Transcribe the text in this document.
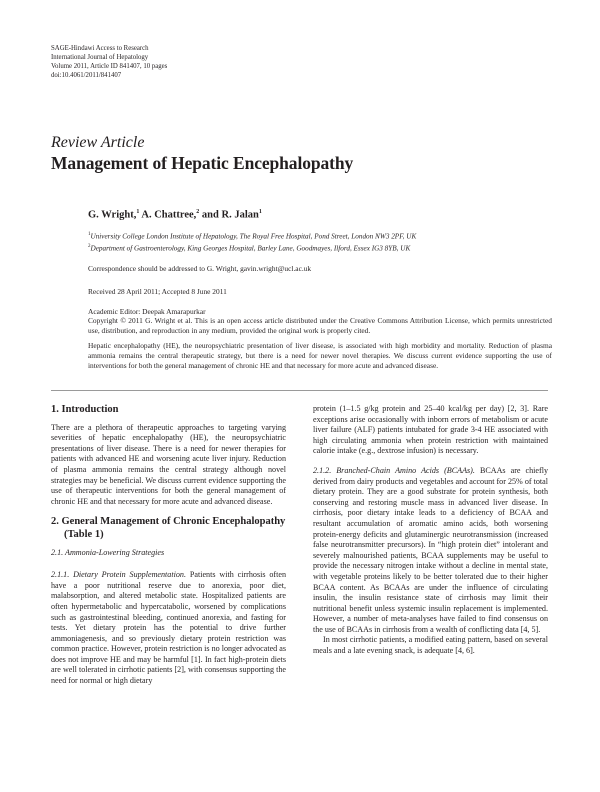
SAGE-Hindawi Access to Research
International Journal of Hepatology
Volume 2011, Article ID 841407, 10 pages
doi:10.4061/2011/841407
Review Article
Management of Hepatic Encephalopathy
G. Wright,$^1$ A. Chattree,$^2$ and R. Jalan$^1$
$^1$University College London Institute of Hepatology, The Royal Free Hospital, Pond Street, London NW3 2PF, UK
$^2$Department of Gastroenterology, King Georges Hospital, Barley Lane, Goodmayes, Ilford, Essex IG3 8YB, UK
Correspondence should be addressed to G. Wright, gavin.wright@ucl.ac.uk
Received 28 April 2011; Accepted 8 June 2011
Academic Editor: Deepak Amarapurkar
Copyright © 2011 G. Wright et al. This is an open access article distributed under the Creative Commons Attribution License, which permits unrestricted use, distribution, and reproduction in any medium, provided the original work is properly cited.
Hepatic encephalopathy (HE), the neuropsychiatric presentation of liver disease, is associated with high morbidity and mortality. Reduction of plasma ammonia remains the central therapeutic strategy, but there is a need for newer novel therapies. We discuss current evidence supporting the use of interventions for both the general management of chronic HE and that necessary for more acute and advanced disease.
1. Introduction

There are a plethora of therapeutic approaches to targeting varying severities of hepatic encephalopathy (HE), the neuropsychiatric presentations of liver disease. There is a need for newer therapies for patients with advanced HE and worsening acute liver injury. Reduction of plasma ammonia remains the central strategy although novel strategies may be beneficial. We discuss current evidence supporting the use of therapeutic interventions for both the general management of chronic HE and that necessary for more acute and advanced disease.

2. General Management of Chronic Encephalopathy (Table 1)
2.1. Ammonia-Lowering Strategies

2.1.1. Dietary Protein Supplementation. Patients with cirrhosis often have a poor nutritional reserve due to anorexia, poor diet, malabsorption, and altered metabolic state. Hospitalized patients are often hypermetabolic and hypercatabolic, worsened by complications such as gastrointestinal bleeding, continued anorexia, and fasting for tests. Yet dietary protein has the potential to drive further ammoniagenesis, and so previously dietary protein restriction was common practice. However, protein restriction is no longer advocated as does not improve HE and may be harmful [1]. In fact high-protein diets are well tolerated in cirrhotic patients [2], with consensus supporting the need for normal or high dietary

protein (1–1.5 g/kg protein and 25–40 kcal/kg per day) [2, 3]. Rare exceptions arise occasionally with inborn errors of metabolism or acute liver failure (ALF) patients intubated for grade 3-4 HE associated with high circulating ammonia when protein restriction with maintained calorie intake (e.g., dextrose infusion) is necessary.

2.1.2. Branched-Chain Amino Acids (BCAAs). BCAAs are chiefly derived from dairy products and vegetables and account for 25% of total dietary protein. They are a good substrate for protein synthesis, both conserving and restoring muscle mass in advanced liver disease. In cirrhosis, poor dietary intake leads to a deficiency of BCAA and resultant accumulation of aromatic amino acids, both worsening protein-energy deficits and glutaminergic neurotransmission (increased false neurotransmitter precursors). In “high protein diet” intolerant and severely malnourished patients, BCAA supplements may be useful to provide the necessary nitrogen intake without a decline in mental state, with vegetable proteins likely to be better tolerated due to their higher BCAA content. As BCAAs are under the influence of circulating insulin, the insulin resistance state of cirrhosis may limit their nutritional benefit unless systemic insulin replacement is implemented. However, a number of meta-analyses have failed to find consensus on the use of BCAAs in cirrhosis from a wealth of conflicting data [4, 5].

In most cirrhotic patients, a modified eating pattern, based on several meals and a late evening snack, is adequate [4, 6].
